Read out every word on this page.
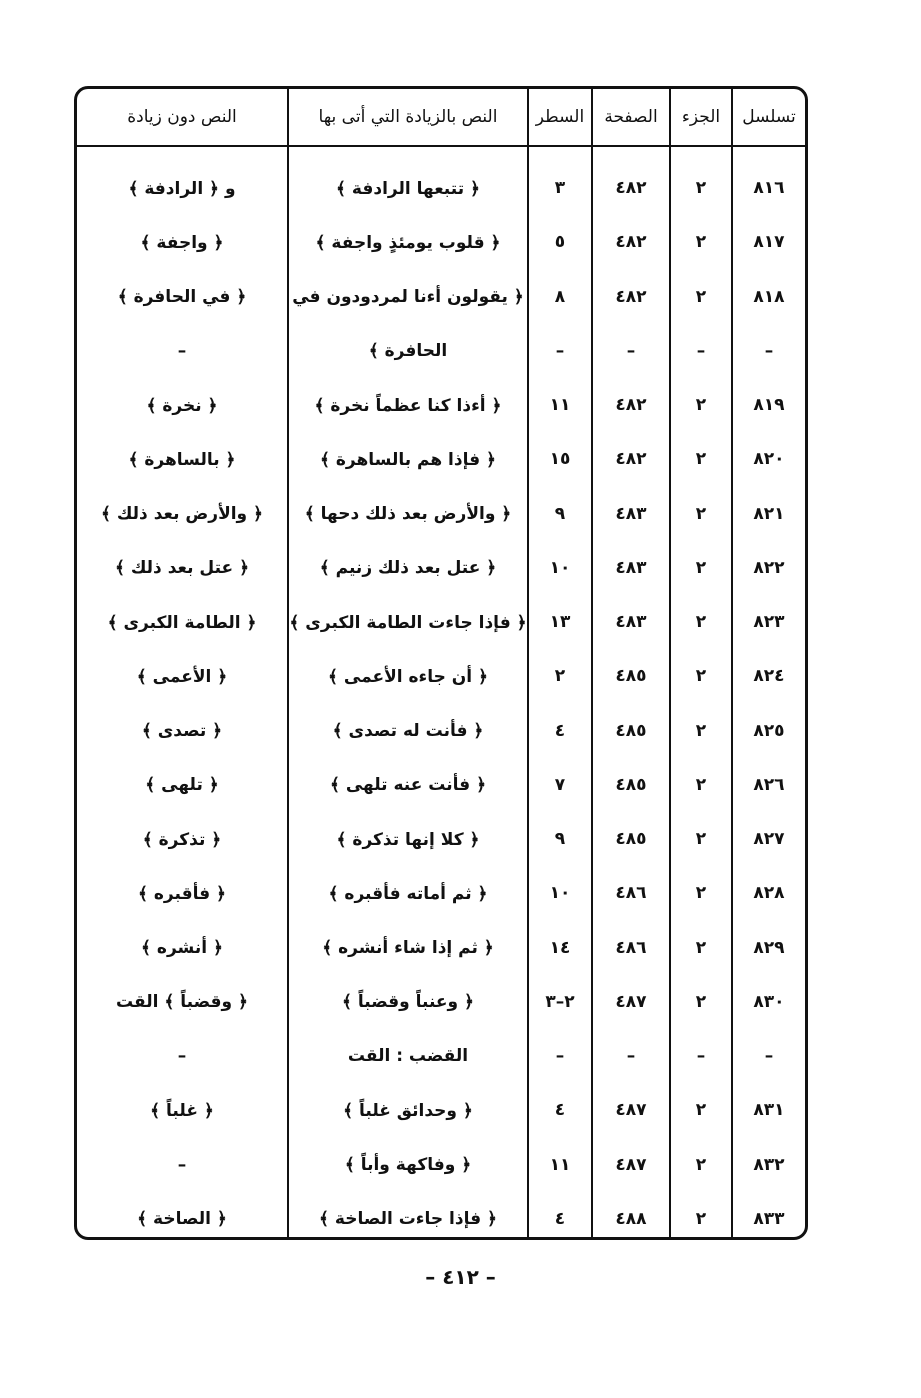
تسلسل	الجزء	الصفحة	السطر	النص بالزيادة التي أتى بها	النص دون زيادة
٨١٦	٢	٤٨٢	٣	﴿ تتبعها الرادفة ﴾	و ﴿ الرادفة ﴾
٨١٧	٢	٤٨٢	٥	﴿ قلوب يومئذٍ واجفة ﴾	﴿ واجفة ﴾
٨١٨	٢	٤٨٢	٨	﴿ يقولون أءنا لمردودون في	﴿ في الحافرة ﴾
–	–	–	–	الحافرة ﴾	–
٨١٩	٢	٤٨٢	١١	﴿ أءذا كنا عظماً نخرة ﴾	﴿ نخرة ﴾
٨٢٠	٢	٤٨٢	١٥	﴿ فإذا هم بالساهرة ﴾	﴿ بالساهرة ﴾
٨٢١	٢	٤٨٣	٩	﴿ والأرض بعد ذلك دحها ﴾	﴿ والأرض بعد ذلك ﴾
٨٢٢	٢	٤٨٣	١٠	﴿ عتل بعد ذلك زنيم ﴾	﴿ عتل بعد ذلك ﴾
٨٢٣	٢	٤٨٣	١٣	﴿ فإذا جاءت الطامة الكبرى ﴾	﴿ الطامة الكبرى ﴾
٨٢٤	٢	٤٨٥	٢	﴿ أن جاءه الأعمى ﴾	﴿ الأعمى ﴾
٨٢٥	٢	٤٨٥	٤	﴿ فأنت له تصدى ﴾	﴿ تصدى ﴾
٨٢٦	٢	٤٨٥	٧	﴿ فأنت عنه تلهى ﴾	﴿ تلهى ﴾
٨٢٧	٢	٤٨٥	٩	﴿ كلا إنها تذكرة ﴾	﴿ تذكرة ﴾
٨٢٨	٢	٤٨٦	١٠	﴿ ثم أماته فأقبره ﴾	﴿ فأقبره ﴾
٨٢٩	٢	٤٨٦	١٤	﴿ ثم إذا شاء أنشره ﴾	﴿ أنشره ﴾
٨٣٠	٢	٤٨٧	٢–٣	﴿ وعنباً وقضباً ﴾	﴿ وقضباً ﴾ القت
–	–	–	–	القضب : القت	–
٨٣١	٢	٤٨٧	٤	﴿ وحدائق غلباً ﴾	﴿ غلباً ﴾
٨٣٢	٢	٤٨٧	١١	﴿ وفاكهة وأباً ﴾	–
٨٣٣	٢	٤٨٨	٤	﴿ فإذا جاءت الصاخة ﴾	﴿ الصاخة ﴾
– ٤١٢ –
